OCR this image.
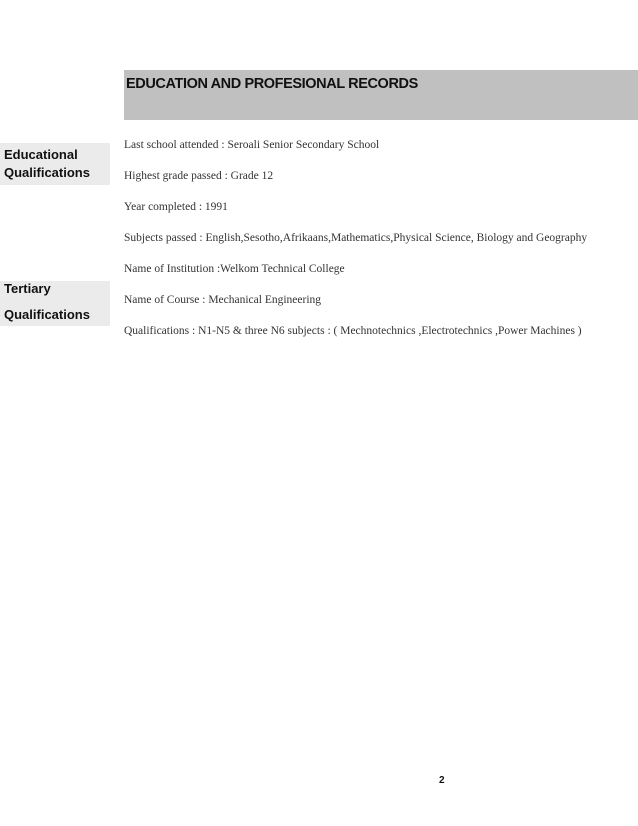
EDUCATION AND PROFESIONAL RECORDS
Educational
Qualifications
Last school attended : Seroali Senior Secondary School
Highest grade passed : Grade 12
Year completed : 1991
Subjects passed : English,Sesotho,Afrikaans,Mathematics,Physical Science, Biology and Geography
Tertiary
Qualifications
Name of Institution :Welkom Technical College
Name of Course : Mechanical Engineering
Qualifications : N1-N5 & three N6 subjects : ( Mechnotechnics ,Electrotechnics ,Power Machines )
2
